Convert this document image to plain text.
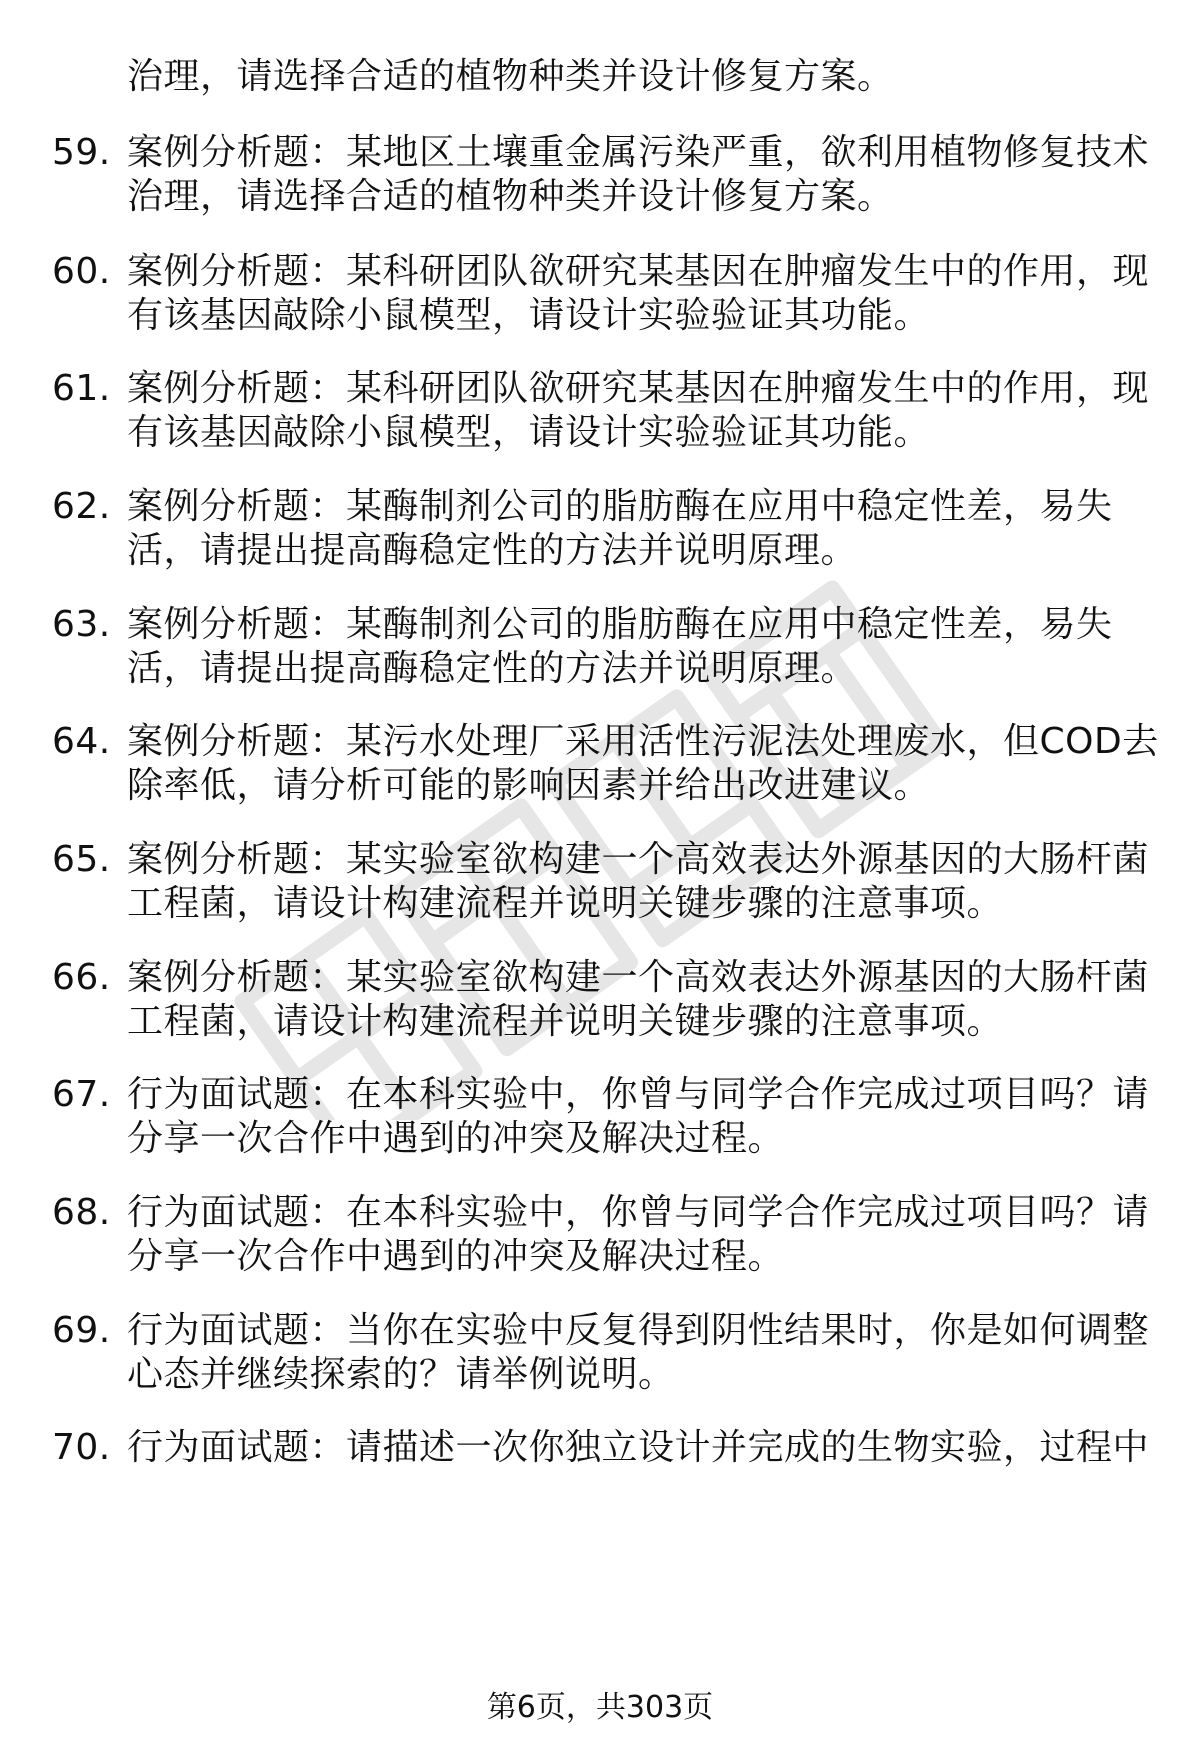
治理，请选择合适的植物种类并设计修复方案。
59. 案例分析题：某地区土壤重金属污染严重，欲利用植物修复技术
治理，请选择合适的植物种类并设计修复方案。
60. 案例分析题：某科研团队欲研究某基因在肿瘤发生中的作用，现
有该基因敲除小鼠模型，请设计实验验证其功能。
61. 案例分析题：某科研团队欲研究某基因在肿瘤发生中的作用，现
有该基因敲除小鼠模型，请设计实验验证其功能。
62. 案例分析题：某酶制剂公司的脂肪酶在应用中稳定性差，易失
活，请提出提高酶稳定性的方法并说明原理。
63. 案例分析题：某酶制剂公司的脂肪酶在应用中稳定性差，易失
活，请提出提高酶稳定性的方法并说明原理。
64. 案例分析题：某污水处理厂采用活性污泥法处理废水，但COD去
除率低，请分析可能的影响因素并给出改进建议。
65. 案例分析题：某实验室欲构建一个高效表达外源基因的大肠杆菌
工程菌，请设计构建流程并说明关键步骤的注意事项。
66. 案例分析题：某实验室欲构建一个高效表达外源基因的大肠杆菌
工程菌，请设计构建流程并说明关键步骤的注意事项。
67. 行为面试题：在本科实验中，你曾与同学合作完成过项目吗？请
分享一次合作中遇到的冲突及解决过程。
68. 行为面试题：在本科实验中，你曾与同学合作完成过项目吗？请
分享一次合作中遇到的冲突及解决过程。
69. 行为面试题：当你在实验中反复得到阴性结果时，你是如何调整
心态并继续探索的？请举例说明。
70. 行为面试题：请描述一次你独立设计并完成的生物实验，过程中
第6页，共303页
